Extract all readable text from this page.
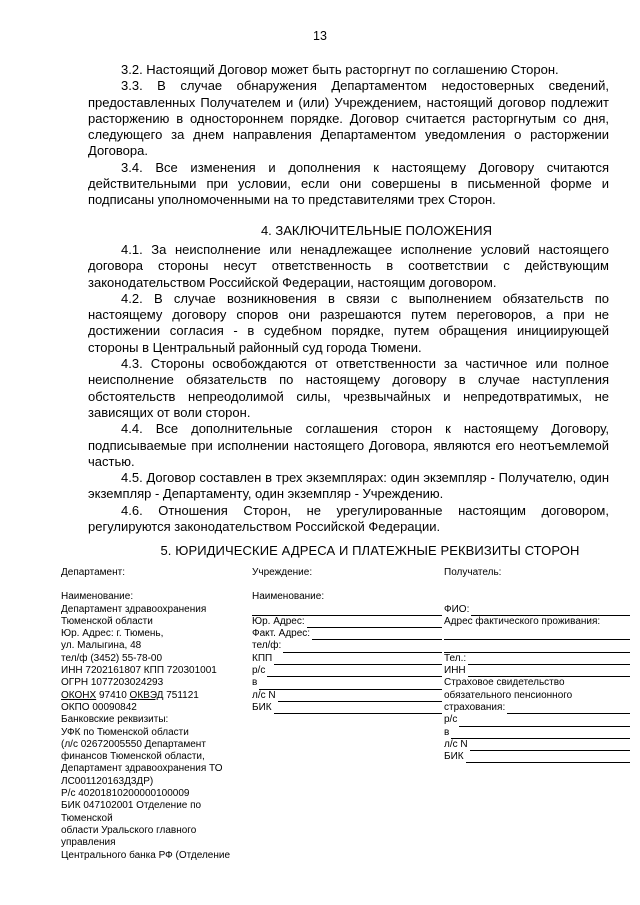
13

3.2. Настоящий Договор может быть расторгнут по соглашению Сторон.

3.3. В случае обнаружения Департаментом недостоверных сведений, предоставленных Получателем и (или) Учреждением, настоящий договор подлежит расторжению в одностороннем порядке. Договор считается расторгнутым со дня, следующего за днем направления Департаментом уведомления о расторжении Договора.

3.4. Все изменения и дополнения к настоящему Договору считаются действительными при условии, если они совершены в письменной форме и подписаны уполномоченными на то представителями трех Сторон.

4. ЗАКЛЮЧИТЕЛЬНЫЕ ПОЛОЖЕНИЯ

4.1. За неисполнение или ненадлежащее исполнение условий настоящего договора стороны несут ответственность в соответствии с действующим законодательством Российской Федерации, настоящим договором.

4.2. В случае возникновения в связи с выполнением обязательств по настоящему договору споров они разрешаются путем переговоров, а при не достижении согласия - в судебном порядке, путем обращения инициирующей стороны в Центральный районный суд города Тюмени.

4.3. Стороны освобождаются от ответственности за частичное или полное неисполнение обязательств по настоящему договору в случае наступления обстоятельств непреодолимой силы, чрезвычайных и непредотвратимых, не зависящих от воли сторон.

4.4. Все дополнительные соглашения сторон к настоящему Договору, подписываемые при исполнении настоящего Договора, являются его неотъемлемой частью.

4.5. Договор составлен в трех экземплярах: один экземпляр - Получателю, один экземпляр - Департаменту, один экземпляр - Учреждению.

4.6. Отношения Сторон, не урегулированные настоящим договором, регулируются законодательством Российской Федерации.

5. ЮРИДИЧЕСКИЕ АДРЕСА И ПЛАТЕЖНЫЕ РЕКВИЗИТЫ СТОРОН
Департамент:
Наименование:
Департамент здравоохранения Тюменской области
Юр. Адрес: г. Тюмень,
ул. Малыгина, 48
тел/ф (3452) 55-78-00
ИНН 7202161807 КПП 720301001
ОГРН 1077203024293
ОКОНХ 97410 ОКВЭД 751121
ОКПО 00090842
Банковские реквизиты:
УФК по Тюменской области
(л/с 02672005550 Департамент
финансов Тюменской области,
Департамент здравоохранения ТО
ЛС001120163Д3ДР)
Р/с 40201810200000100009
БИК 047102001 Отделение по
Тюменской
области Уральского главного
управления
Центрального банка РФ (Отделение
Учреждение:
Наименование:
Юр. Адрес:
Факт. Адрес:
тел/ф:
КПП
р/с
в
л/с N
БИК
Получатель:
ФИО:
Адрес фактического проживания:
Тел.:
ИНН
Страховое свидетельство
обязательного пенсионного
страхования:
р/с
в
л/с N
БИК
